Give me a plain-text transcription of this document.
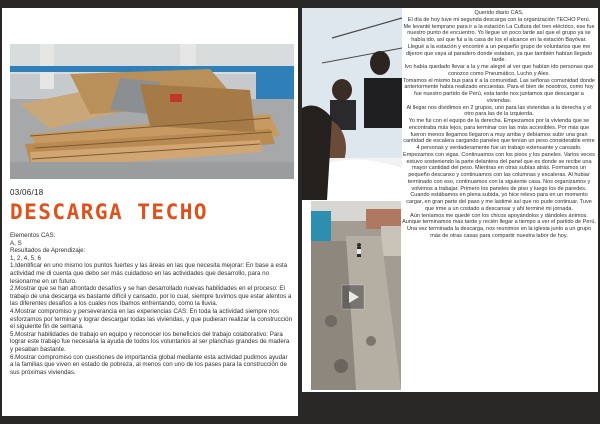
03/06/18
DESCARGA TECHO

Elementos CAS:

A, S

Resultados de Aprendizaje:

1, 2, 4, 5, 6

1.Identificar en uno mismo los puntos fuertes y las áreas en las que necesita mejorar: En base a esta actividad me di cuenta que debo ser más cuidadoso en las actividades que desarrollo, para no lesionarme en un futuro.

2.Mostrar que se han afrontado desafíos y se han desarrollado nuevas habilidades en el proceso: El trabajo de una descarga es bastante difícil y cansado, por lo cual, siempre tuvimos que estar atentos a las diferentes desafíos a los cuales nos íbamos enfrentando, como la lluvia.

4.Mostrar compromiso y perseverancia en las experiencias CAS: En toda la actividad siempre nos esforzamos por terminar y lograr descargar todas las viviendas, y que pudieran realizar la construcción el siguiente fin de semana.

5.Mostrar habilidades de trabajo en equipo y reconocer los beneficios del trabajo colaborativo: Para lograr este trabajo fue necesaria la ayuda de todos los voluntarios al ser planchas grandes de madera y pesaban bastante.

6.Mostrar compromiso con cuestiones de importancia global mediante esta actividad pudimos ayudar a la familias que viven en estado de pobreza, al menos con uno de los pases para la construcción de sus próximas viviendas.

Querido diario CAS,

El día de hoy tuve mi segunda descarga con la organización TECHO Perú.

Me levanté temprano para ir a la estación La Cultura del tren eléctrico, ese fue nuestro punto de encuentro. Yo llegue un poco tarde así que el grupo ya se había ido, así que fui a la casa de los el alcance en la estación Bayóvar.

Llegué a la estación y encontré a un pequeño grupo de voluntarios que me dijeron que vaya al paradero donde estaban, ya que también habían llegado tarde.

Ivo había quedado llevar a la y me alegré al ver que habían ido personas que conozco como Pneumático, Lucho y Alex.

Tomamos el mismo bus para ir a la comunidad. Las señoras comunidad donde anteriormente había realizado encuestas. Para el bien de nosotros, como hoy fue nuestro partido de Perú, esta tarde nos juntamos que descargar a viviendas.

Al llegar nos dividimos en 2 grupos, uno para las viviendas a la derecha y el otro para las de la izquierda.

Yo me fui con el equipo de la derecha. Empezamos por la vivienda que se encontraba más lejos, para terminar con las más accesibles. Por más que fueron menos llegamos llegaron a muy arriba y debíamos subir una gran cantidad de escalera cargando paneles que tenían un peso considerable entre 4 personas y verdaderamente fue un trabajo extenuante y cansado.

Empezamos con vigas. Continuamos con los pisos y los paneles. Varios veces estuvo sosteniendo la parte delantera del panel que es donde se recibe una mayor cantidad del peso. Mientras en otras subías atrás. Formamos un pequeño descanso y continuamos con las columnas y escaleras. Al hubiar terminado con eso, continuamos con la siguiente casa. Nos organizamos y volvimos a trabajar. Primero los paneles de piso y luego los de paredes. Cuando estábamos en plena subida, yo hice relevo para en un momento cargar, en gran parte del paso y me lastimé así que no pude continuar. Tuve que irme a un costado a descansar y ahí terminé mi jornada.

Aún teníamos me quedé con los chicos apoyándolos y dándoles ánimos. Aunque terminamos mas tarde y recién llegar a tiempo a ver el partido de Perú.

Una vez terminada la descarga, nos reunimos en la iglesia junto a un grupo más de otras casas para compartir nuestra labor de hoy.
